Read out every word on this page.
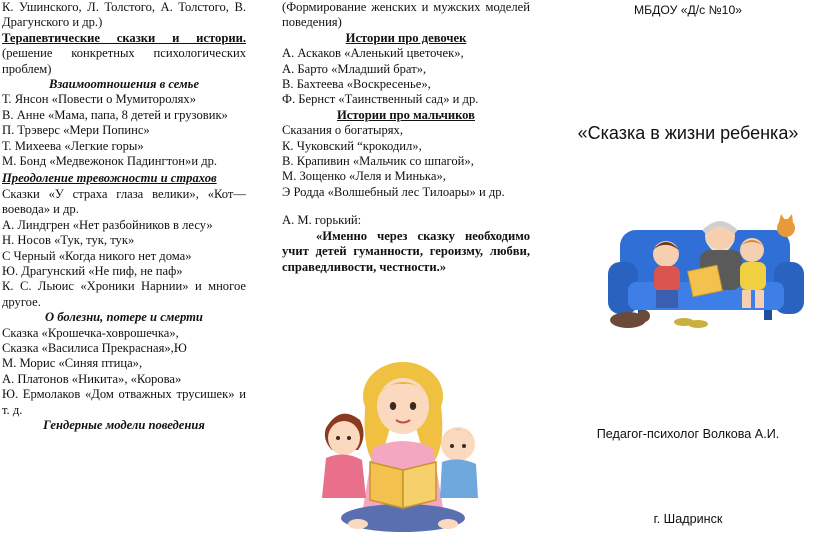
К. Ушинского, Л. Толстого, А. Толстого, В. Драгунского и др.)

Терапевтические сказки и истории. (решение конкретных психологических проблем)

Взаимоотношения в семье

Т. Янсон «Повести о Мумиторолях»

В. Анне «Мама, папа, 8 детей и грузовик»

П. Трэверс «Мери Попинс»

Т. Михеева «Легкие горы»

М. Бонд «Медвежонок Падингтон»и др.

Преодоление тревожности и страхов

Сказки «У страха глаза велики», «Кот—воевода» и др.

А. Линдгрен «Нет разбойников в лесу»

Н. Носов «Тук, тук, тук»

С Черный «Когда никого нет дома»

Ю. Драгунский «Не пиф, не паф»

К. С. Льюис «Хроники Нарнии» и многое другое.

О болезни, потере и смерти

Сказка «Крошечка-ховрошечка»,

Сказка «Василиса Прекрасная»,Ю

М. Морис «Синяя птица»,

А. Платонов «Никита», «Корова»

Ю. Ермолаков «Дом отважных трусишек» и т. д.

Гендерные модели поведения

(Формирование женских и мужских моделей поведения)

Истории про девочек

А. Аскаков «Аленький цветочек»,

А. Барто «Младший брат»,

В. Бахтеева «Воскресенье»,

Ф. Бернст «Таинственный сад» и др.

Истории про мальчиков

Сказания о богатырях,

К. Чуковский “крокодил»,

В. Крапивин «Мальчик со шпагой»,

М. Зощенко «Леля и Минька»,

Э Родда «Волшебный лес Тилоары» и др.

А. М. горький:

«Именно через сказку необходимо учит детей гуманности, героизму, любви, справедливости, честности.»

МБДОУ «Д/с №10»
«Сказка в жизни ребенка»
Педагог-психолог Волкова А.И.
г. Шадринск
